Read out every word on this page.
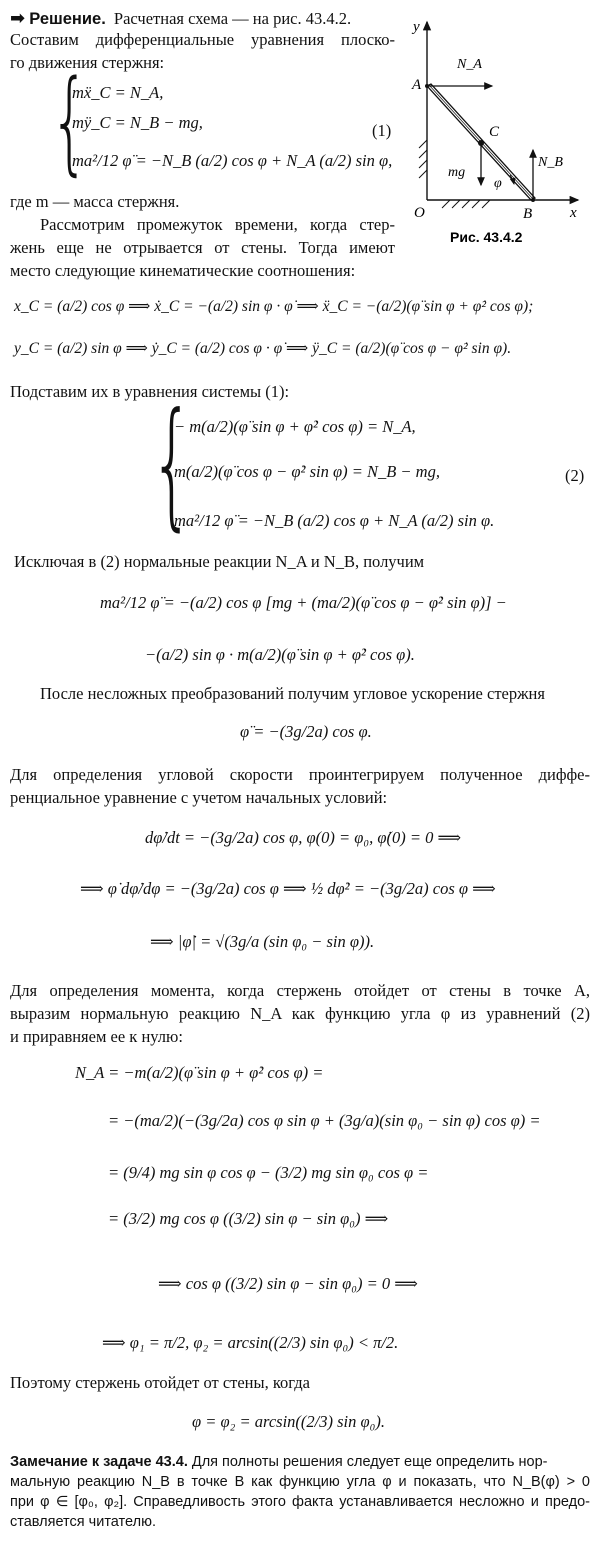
➡ Решение. Расчетная схема — на рис. 43.4.2.
Составим дифференциальные уравнения плоско-
го движения стержня:
{
mẍ_C = N_A,
mÿ_C = N_B − mg,
ma²/12 φ̈ = −N_B (a/2) cos φ + N_A (a/2) sin φ,
(1)
где m — масса стержня.
Рассмотрим промежуток времени, когда стер-
жень еще не отрывается от стены. Тогда имеют
место следующие кинематические соотношения:
y
x
O
A
B
C
N_A
N_B
mg
φ
Рис. 43.4.2
x_C = (a/2) cos φ ⟹ ẋ_C = −(a/2) sin φ · φ̇ ⟹ ẍ_C = −(a/2)(φ̈ sin φ + φ̇² cos φ);
y_C = (a/2) sin φ ⟹ ẏ_C = (a/2) cos φ · φ̇ ⟹ ÿ_C = (a/2)(φ̈ cos φ − φ̇² sin φ).
Подставим их в уравнения системы (1):
{
− m(a/2)(φ̈ sin φ + φ̇² cos φ) = N_A,
m(a/2)(φ̈ cos φ − φ̇² sin φ) = N_B − mg,
ma²/12 φ̈ = −N_B (a/2) cos φ + N_A (a/2) sin φ.
(2)
Исключая в (2) нормальные реакции N_A и N_B, получим
ma²/12 φ̈ = −(a/2) cos φ [mg + (ma/2)(φ̈ cos φ − φ̇² sin φ)] −
−(a/2) sin φ · m(a/2)(φ̈ sin φ + φ̇² cos φ).
После несложных преобразований получим угловое ускорение стержня
φ̈ = −(3g/2a) cos φ.
Для определения угловой скорости проинтегрируем полученное диффе-
ренциальное уравнение с учетом начальных условий:
dφ̇/dt = −(3g/2a) cos φ, φ(0) = φ₀, φ̇(0) = 0 ⟹
⟹ φ̇ dφ̇/dφ = −(3g/2a) cos φ ⟹ ½ dφ̇² = −(3g/2a) cos φ ⟹
⟹ |φ̇| = √(3g/a (sin φ₀ − sin φ)).
Для определения момента, когда стержень отойдет от стены в точке A,
выразим нормальную реакцию N_A как функцию угла φ из уравнений (2)
и приравняем ее к нулю:
N_A = −m(a/2)(φ̈ sin φ + φ̇² cos φ) =
= −(ma/2)(−(3g/2a) cos φ sin φ + (3g/a)(sin φ₀ − sin φ) cos φ) =
= (9/4) mg sin φ cos φ − (3/2) mg sin φ₀ cos φ =
= (3/2) mg cos φ ((3/2) sin φ − sin φ₀) ⟹
⟹ cos φ ((3/2) sin φ − sin φ₀) = 0 ⟹
⟹ φ₁ = π/2, φ₂ = arcsin((2/3) sin φ₀) < π/2.
Поэтому стержень отойдет от стены, когда
φ = φ₂ = arcsin((2/3) sin φ₀).
Замечание к задаче 43.4. Для полноты решения следует еще определить нор-
мальную реакцию N_B в точке B как функцию угла φ и показать, что N_B(φ) > 0
при φ ∈ [φ₀, φ₂]. Справедливость этого факта устанавливается несложно и предо-
ставляется читателю.
